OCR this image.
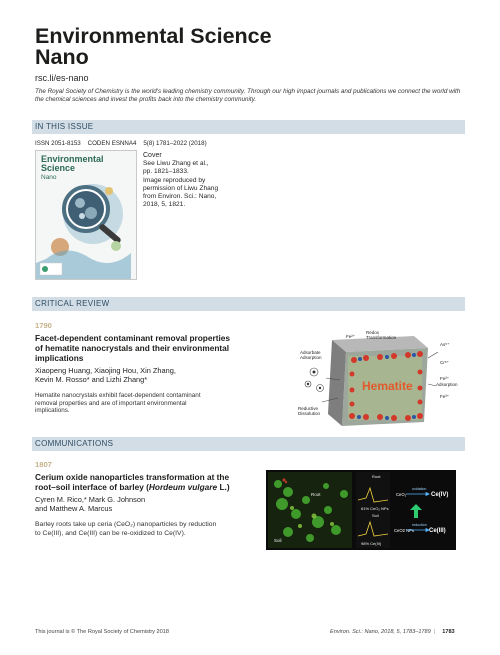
Environmental Science
Nano
rsc.li/es-nano
The Royal Society of Chemistry is the world's leading chemistry community. Through our high impact journals and publications we connect the world with the chemical sciences and invest the profits back into the chemistry community.
IN THIS ISSUE
ISSN 2051-8153    CODEN ESNNA4    5(8) 1781–2022 (2018)
Environmental
Science
Nano
Cover
See Liwu Zhang et al.,
pp. 1821–1833.
Image reproduced by
permission of Liwu Zhang
from Environ. Sci.: Nano,
2018, 5, 1821.
CRITICAL REVIEW
1790
Facet-dependent contaminant removal properties
of hematite nanocrystals and their environmental
implications
Xiaopeng Huang, Xiaojing Hou, Xin Zhang,
Kevin M. Rosso* and Lizhi Zhang*
Hematite nanocrystals exhibit facet-dependent contaminant
removal properties and are of important environmental
implications.
Hematite
Fe²⁺
Redox
Transformation
Adsorbate
Adsorption
Reductive
Dissolution
As⁵⁺
Cr⁶⁺
Fe²⁺
Adsorption
Fe³⁺
COMMUNICATIONS
1807
Cerium oxide nanoparticles transformation at the
root–soil interface of barley (Hordeum vulgare L.)
Cyren M. Rico,* Mark G. Johnson
and Matthew A. Marcus
Barley roots take up ceria (CeO₂) nanoparticles by reduction
to Ce(III), and Ce(III) can be re-oxidized to Ce(IV).
Root
Soil
Root
81% CeO₂ NPs
Soil
98% Ce(III)
CeO₂
CeO2 NPs
Ce(IV)
Ce(III)
oxidation
reduction
This journal is © The Royal Society of Chemistry 2018	Environ. Sci.: Nano, 2018, 5, 1783–1789 | 1783
